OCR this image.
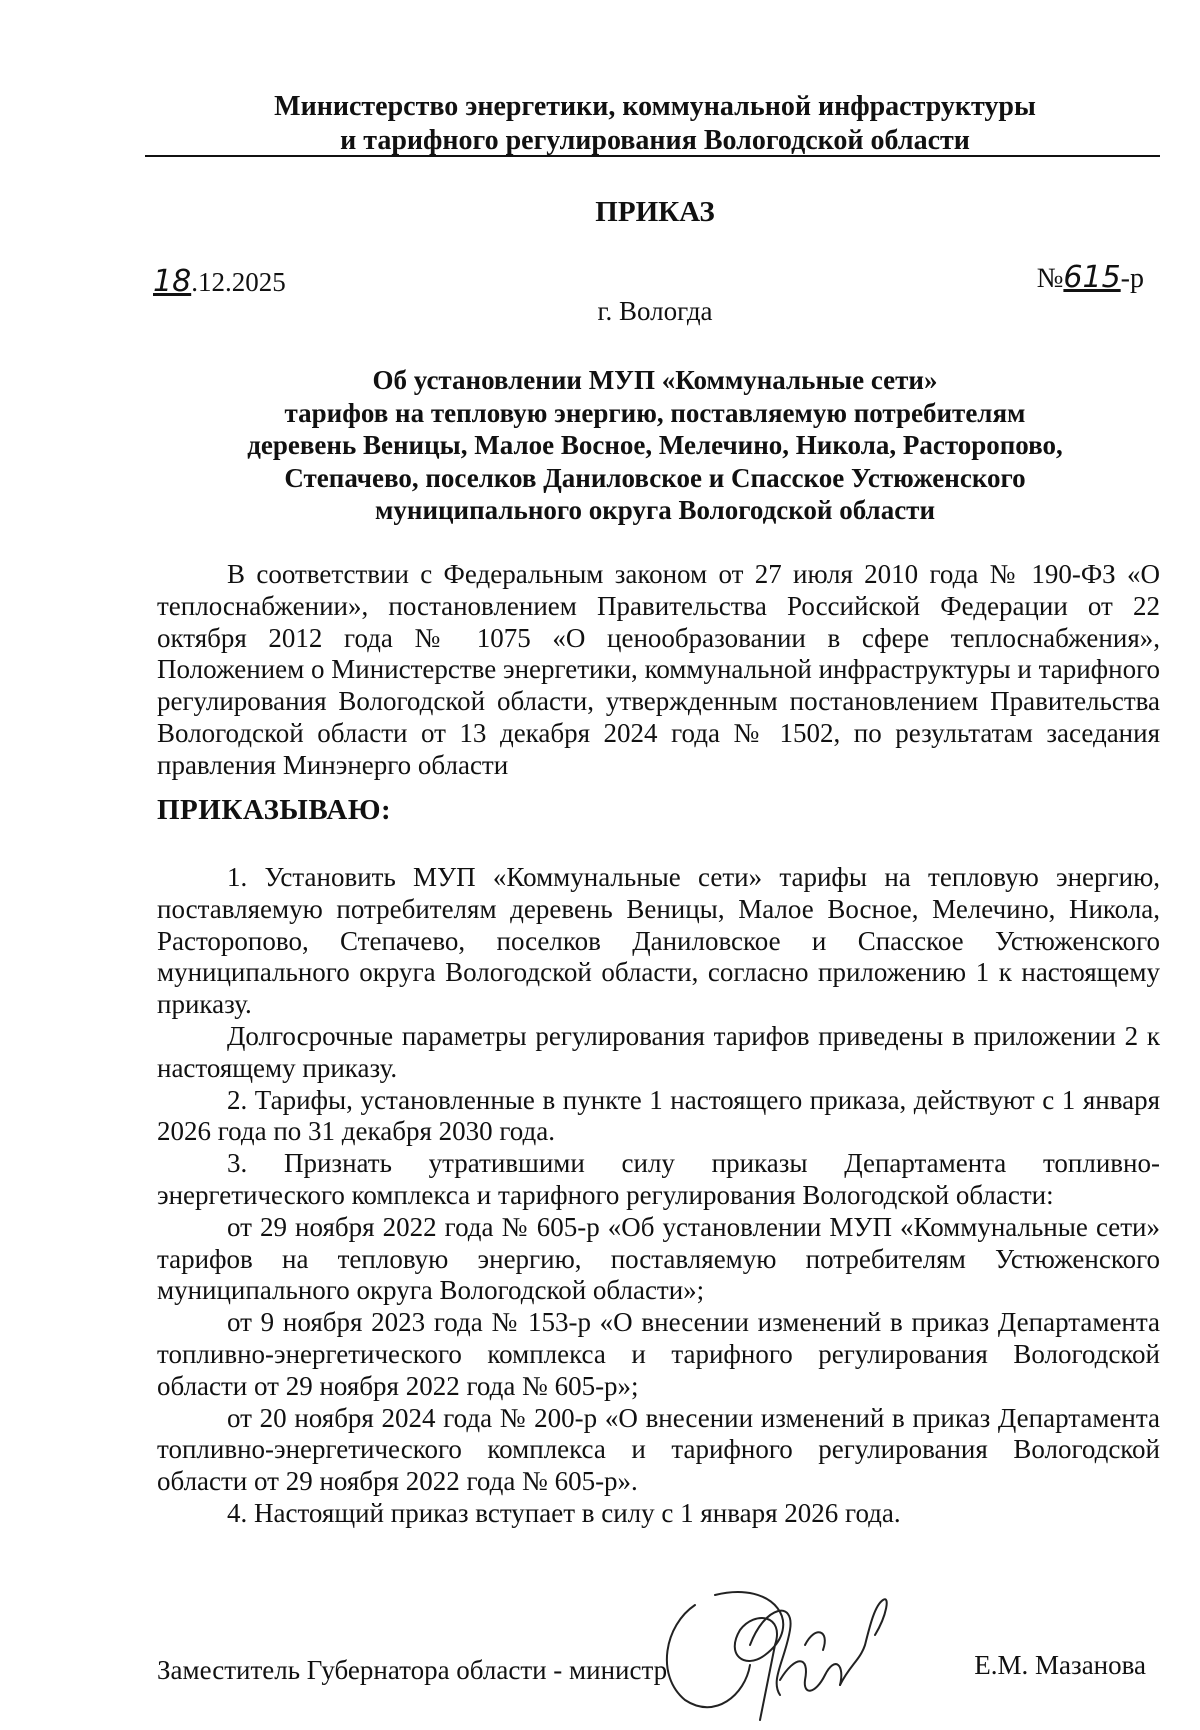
Министерство энергетики, коммунальной инфраструктуры
и тарифного регулирования Вологодской области
ПРИКАЗ
18.12.2025	№615-р
г. Вологда
Об установлении МУП «Коммунальные сети»
тарифов на тепловую энергию, поставляемую потребителям
деревень Веницы, Малое Восное, Мелечино, Никола, Расторопово,
Степачево, поселков Даниловское и Спасское Устюженского
муниципального округа Вологодской области

В соответствии с Федеральным законом от 27 июля 2010 года № 190-ФЗ «О теплоснабжении», постановлением Правительства Российской Федерации от 22 октября 2012 года № 1075 «О ценообразовании в сфере теплоснабжения», Положением о Министерстве энергетики, коммунальной инфраструктуры и тарифного регулирования Вологодской области, утвержденным постановлением Правительства Вологодской области от 13 декабря 2024 года № 1502, по результатам заседания правления Минэнерго области

ПРИКАЗЫВАЮ:

1. Установить МУП «Коммунальные сети» тарифы на тепловую энергию, поставляемую потребителям деревень Веницы, Малое Восное, Мелечино, Никола, Расторопово, Степачево, поселков Даниловское и Спасское Устюженского муниципального округа Вологодской области, согласно приложению 1 к настоящему приказу.

Долгосрочные параметры регулирования тарифов приведены в приложении 2 к настоящему приказу.

2. Тарифы, установленные в пункте 1 настоящего приказа, действуют с 1 января 2026 года по 31 декабря 2030 года.

3. Признать утратившими силу приказы Департамента топливно-энергетического комплекса и тарифного регулирования Вологодской области:

от 29 ноября 2022 года № 605-р «Об установлении МУП «Коммунальные сети» тарифов на тепловую энергию, поставляемую потребителям Устюженского муниципального округа Вологодской области»;

от 9 ноября 2023 года № 153-р «О внесении изменений в приказ Департамента топливно-энергетического комплекса и тарифного регулирования Вологодской области от 29 ноября 2022 года № 605-р»;

от 20 ноября 2024 года № 200-р «О внесении изменений в приказ Департамента топливно-энергетического комплекса и тарифного регулирования Вологодской области от 29 ноября 2022 года № 605-р».

4. Настоящий приказ вступает в силу с 1 января 2026 года.

Заместитель Губернатора области - министр	Е.М. Мазанова
